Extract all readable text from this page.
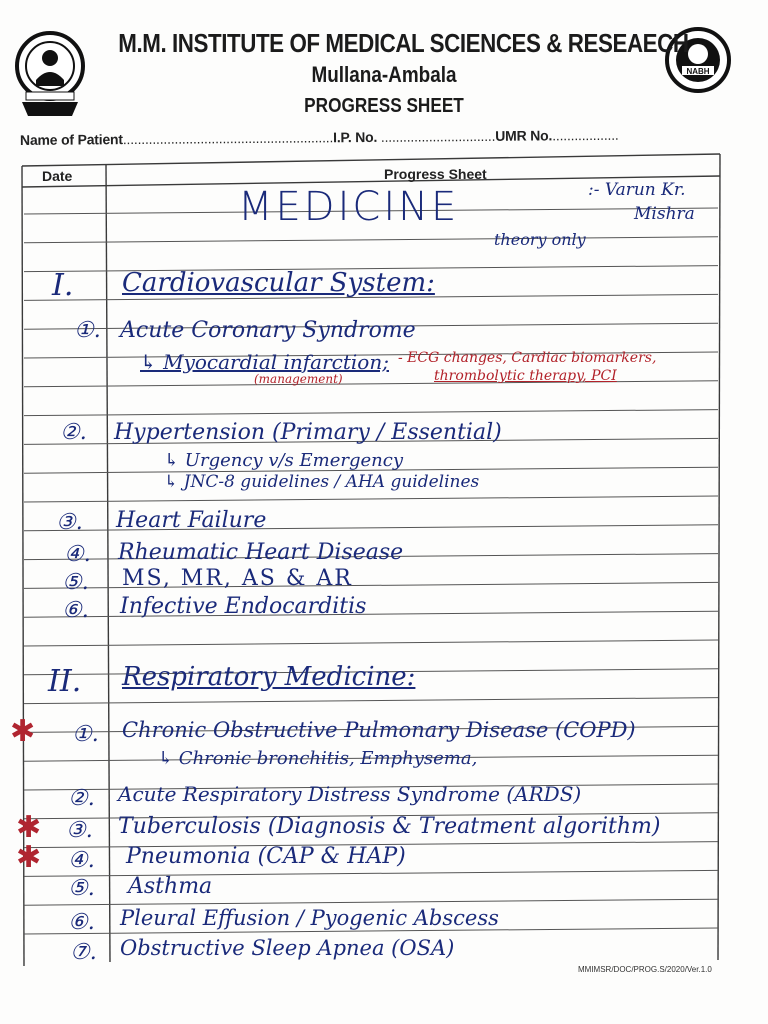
NABH
M.M. INSTITUTE OF MEDICAL SCIENCES & RESEAECH
Mullana-Ambala
PROGRESS SHEET
Name of Patient.........................................................I.P. No. ...............................UMR No...................
Date	Progress Sheet
MEDICINE	:- Varun Kr.
Mishra
theory only
I. Cardiovascular System:
①. Acute Coronary Syndrome
↳ Myocardial infarction; - ECG changes, Cardiac biomarkers,
(management)	thrombolytic therapy, PCI
②. Hypertension (Primary / Essential)
↳ Urgency v/s Emergency
↳ JNC-8 guidelines / AHA guidelines
③. Heart Failure
④. Rheumatic Heart Disease
⑤. MS, MR, AS & AR
⑥. Infective Endocarditis
II. Respiratory Medicine:
✱ ①. Chronic Obstructive Pulmonary Disease (COPD)
↳ Chronic bronchitis, Emphysema,
②. Acute Respiratory Distress Syndrome (ARDS)
✱ ③. Tuberculosis (Diagnosis & Treatment algorithm)
✱ ④. Pneumonia (CAP & HAP)
⑤. Asthma
⑥. Pleural Effusion / Pyogenic Abscess
⑦. Obstructive Sleep Apnea (OSA)
MMIMSR/DOC/PROG.S/2020/Ver.1.0
